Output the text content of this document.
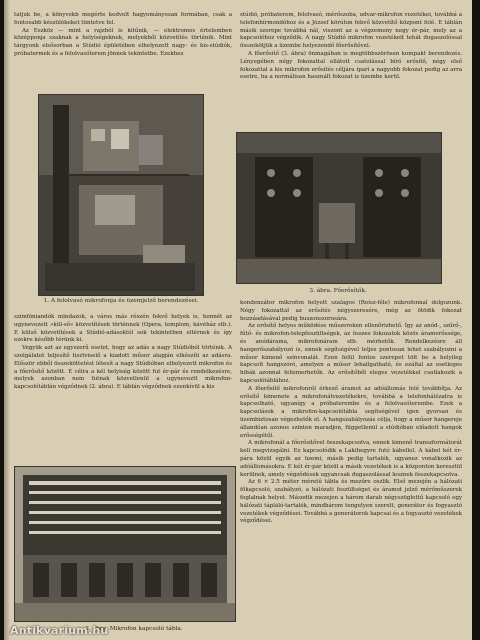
tatjuk be, a könyvekb megérte kedvelt hagyományosan formában, csak a fontosabb készülékeket tüntetve fel.

Az Eszköz — mint a rajzból is kitűnik, — elektromos értelemben középponja szaknak a helyiségeknek, melyekből közvetítés történik. Mint tárgyonk elsősorban a Stúdió épületében elhelyezett nagy- és kis-stúdiók, próbatermek és a felolvasóterem jönnek tekintetbe. Ezekhez

1. A felolvasó mikrofonja és üzemjelző berendezései.

szimfóniandók mindazok, a város más részén fekvő helyek is, honnét az ugynevezett »kül-ső« közvetítések történnek (Opera, templom, kávéház stb.). E külső közvetítések a Stúdió-adásoktól sok tekintetben eltérnek és így ezekre később térünk ki.

Vegyük azt az egyszerű esetet, hogy az adás a nagy Stúdióból történik. A szolgálatot teljesítő tisztviselő a kiadott műsor alapján elkészíti az adásra. Először ebből összeköttetést létesít a nagy Stúdióban elhelyezett mikrofon és a főerősítő között. E célra a kél helyiség között fut ér-pár és rendelkezésre, melyek azonban nem futnak közvetlenül a ugyneveztt mikrofon-kapcsolótáblán végződnek (2. ábra). E táblán végződnek ezenkívül a kis

2. ábra. Mikrofon kapcsoló tábla.

stúdió, próbaterem, felolvasó, mérőszoba, udvar-mikrofon vezetékei, továbbá a telefonhírmondóhoz és a József körúton fekvő közvetítő központ felé. E táblán másik szerepe továbbá nál, viszont az a végzemeny negy ér-pár, mely az a kapcsolóhoz végződik. A nagy Stúdió mikrofon vezetékeit tehát dugaszolóssal összekötjük a üzembe helyezendő főerősítővel.

A főerősítő (3. ábra) önmagában is megtöbbszörösen kompakt berendezés. Lényegében négy fokozattal ellátott csatolással bíró erősítő, négy első fokozattal a kis mikrofon erősítés céljára ipari a nagyobb fokozat pedig az arra esetre, ha a normálisan használt fokozat is üzembe kerül.

3. ábra. Főerősítők.

kondenzátor mikrofon helyett szalagos (Reisz-féle) mikrofonnal dolgozunk. Négy fokozattal az erősítés négyszeresére, még az ötödik fokozat hozzáadásával pedig huszonszorosára.

Az erősítő helyes működése műszereken ellenőrizhető. Így az anód-, szűrő-, fűtő- és mikrofon-telepfeszültségek, az összes fokozatok közös áramerőssége, és anódárama, mikrofonáram stb. mérhetők. Rendelkezésre áll hangerőszabályozó is, ennek segítségével teljes pontosan lehet szabályozni a műsor kimenő színvonalát. Ezen felül fontos szerepet tölt be a helyileg kapcsolt hangszóró, amelyen a műsor lehallgatható, és ezáltal az esetleges hibák azonnal felismerhetők. Az erősítőből eleges vezetékkel csatlakozik a kapcsolótáblához.

A főerősítő mikrofonról érkező áramot az adóállomás felé továbbítja. Az erősítő kimenete a mikrofonátvezetékekre, továbbá a telefonhálózatra is kapcsolható, ugyanígy a próbaterembe és a felolvasóterembe. Ezek a kapcsolások a mikrofon-kapcsolótábla segítségével igen gyorsan és üzembiztosan végezhetők el. A hangszabályozás célja, hogy a műsor hangereje állandóan azonos szinten maradjon, függetlenül a stúdióban előadott hangok erősségétől.

A mikrofonál a főerősítővel összekapcsolva, ennek kimenő transzformátorát kell megvizsgálni. Ez kapcsolódik a Lakihegyre futó kábellel. A kábel két ér-pára közül egyik az üzemi, másik pedig tartalék, ugyanez vonatkozik az adóállomásokra. E két ér-pár közül a másik vezetékek is a központon keresztül kerülnek, amely végződések ugyancsak dugaszolással lesznek összekapcsolva.

Az 6 × 2.5 méter méretű tábla és mezőre oszlik. Első mezején a hálózati főkapcsoló, szabályzó, a hálózati feszültséget és áramot jelző mérőműszerek foglalnak helyet. Második mezejen a három darab négyszöglettű kapcsoló egy hálózati tápláló-tartalék, mindhárom tengelyen szerelt, generátor és fogyasztó vezetékek végződései. Továbbá a generátorok kapcsai és a fogyasztó vezetékek végződései.

Antikvarium.hu
